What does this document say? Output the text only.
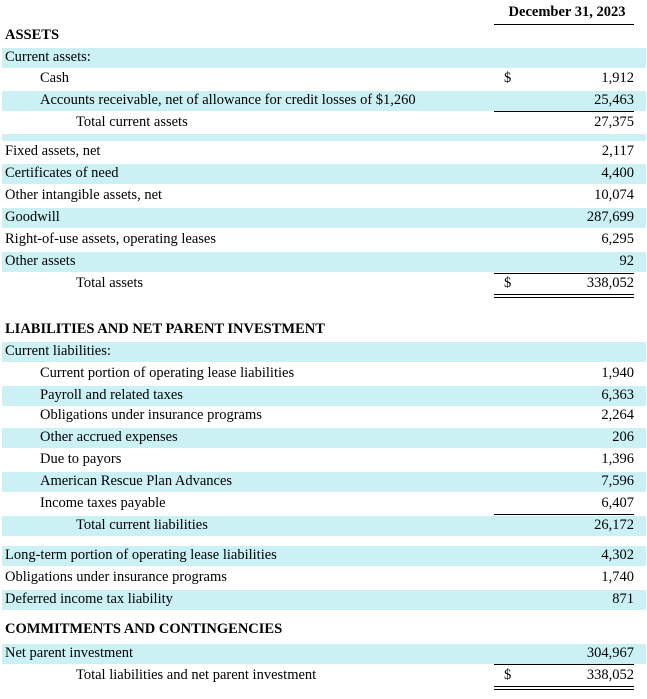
December 31, 2023
ASSETS
Current assets:
Cash	$	1,912
Accounts receivable, net of allowance for credit losses of $1,260	25,463
Total current assets	27,375
Fixed assets, net	2,117
Certificates of need	4,400
Other intangible assets, net	10,074
Goodwill	287,699
Right-of-use assets, operating leases	6,295
Other assets	92
Total assets	$	338,052
LIABILITIES AND NET PARENT INVESTMENT
Current liabilities:
Current portion of operating lease liabilities	1,940
Payroll and related taxes	6,363
Obligations under insurance programs	2,264
Other accrued expenses	206
Due to payors	1,396
American Rescue Plan Advances	7,596
Income taxes payable	6,407
Total current liabilities	26,172
Long-term portion of operating lease liabilities	4,302
Obligations under insurance programs	1,740
Deferred income tax liability	871
COMMITMENTS AND CONTINGENCIES
Net parent investment	304,967
Total liabilities and net parent investment	$	338,052
